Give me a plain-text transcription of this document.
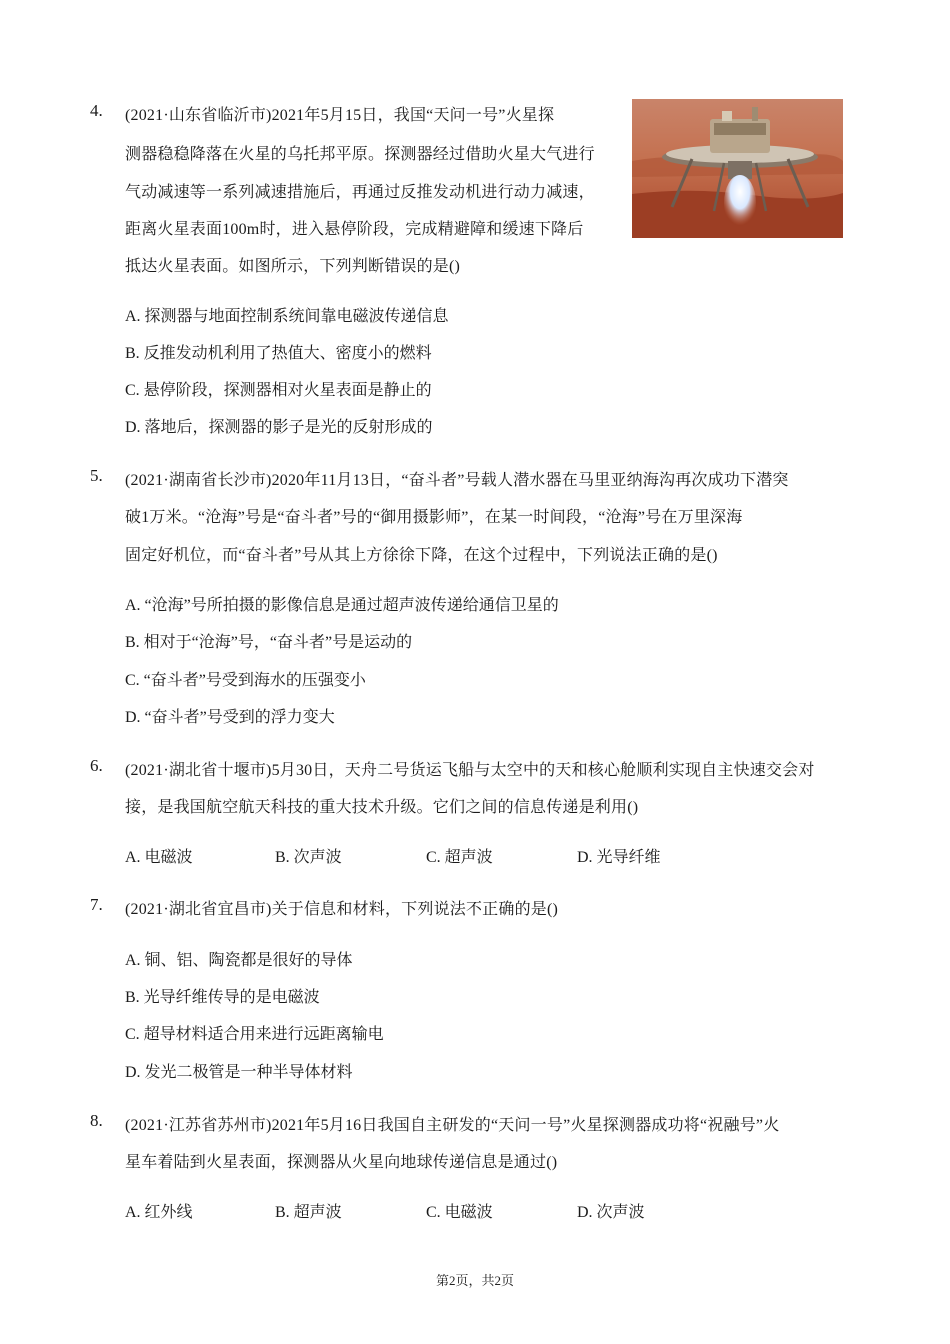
4. (2021·山东省临沂市)2021年5月15日，我国“天问一号”火星探
测器稳稳降落在火星的乌托邦平原。探测器经过借助火星大气进行
气动减速等一系列减速措施后，再通过反推发动机进行动力减速，
距离火星表面100m时，进入悬停阶段，完成精避障和缓速下降后
抵达火星表面。如图所示，下列判断错误的是()
A. 探测器与地面控制系统间靠电磁波传递信息
B. 反推发动机利用了热值大、密度小的燃料
C. 悬停阶段，探测器相对火星表面是静止的
D. 落地后，探测器的影子是光的反射形成的
5. (2021·湖南省长沙市)2020年11月13日，“奋斗者”号载人潜水器在马里亚纳海沟再次成功下潜突
破1万米。“沧海”号是“奋斗者”号的“御用摄影师”，在某一时间段，“沧海”号在万里深海
固定好机位，而“奋斗者”号从其上方徐徐下降，在这个过程中，下列说法正确的是()
A. “沧海”号所拍摄的影像信息是通过超声波传递给通信卫星的
B. 相对于“沧海”号，“奋斗者”号是运动的
C. “奋斗者”号受到海水的压强变小
D. “奋斗者”号受到的浮力变大
6. (2021·湖北省十堰市)5月30日，天舟二号货运飞船与太空中的天和核心舱顺利实现自主快速交会对
接，是我国航空航天科技的重大技术升级。它们之间的信息传递是利用()
A. 电磁波	B. 次声波	C. 超声波	D. 光导纤维
7. (2021·湖北省宜昌市)关于信息和材料，下列说法不正确的是()
A. 铜、铝、陶瓷都是很好的导体
B. 光导纤维传导的是电磁波
C. 超导材料适合用来进行远距离输电
D. 发光二极管是一种半导体材料
8. (2021·江苏省苏州市)2021年5月16日我国自主研发的“天问一号”火星探测器成功将“祝融号”火
星车着陆到火星表面，探测器从火星向地球传递信息是通过()
A. 红外线	B. 超声波	C. 电磁波	D. 次声波
第2页，共2页
